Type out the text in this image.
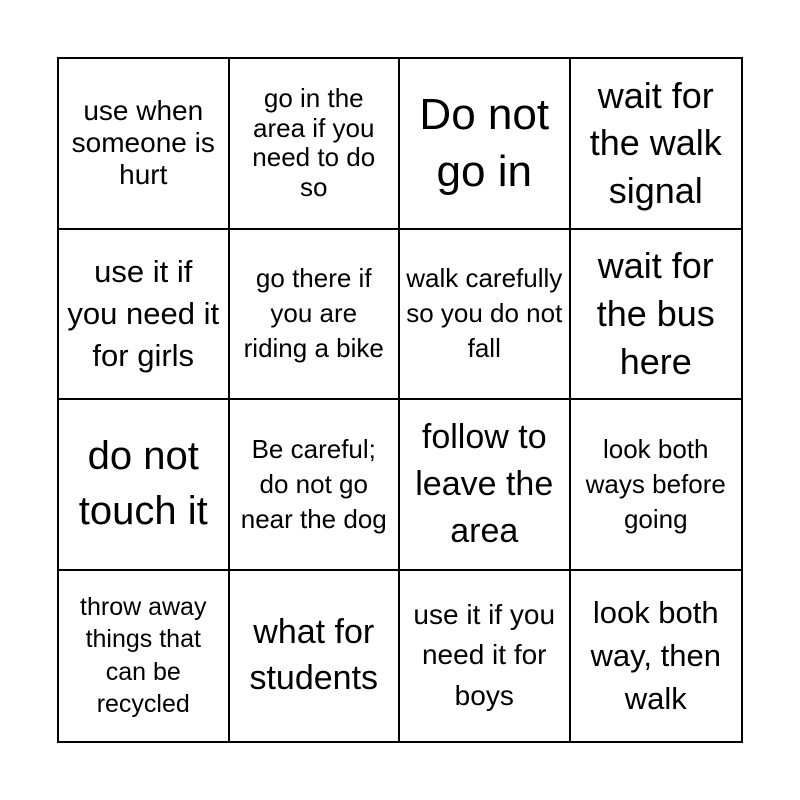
use when someone is hurt
go in the area if you need to do so
Do not go in
wait for the walk signal
use it if you need it for girls
go there if you are riding a bike
walk carefully so you do not fall
wait for the bus here
do not touch it
Be careful; do not go near the dog
follow to leave the area
look both ways before going
throw away things that can be recycled
what for students
use it if you need it for boys
look both way, then walk
